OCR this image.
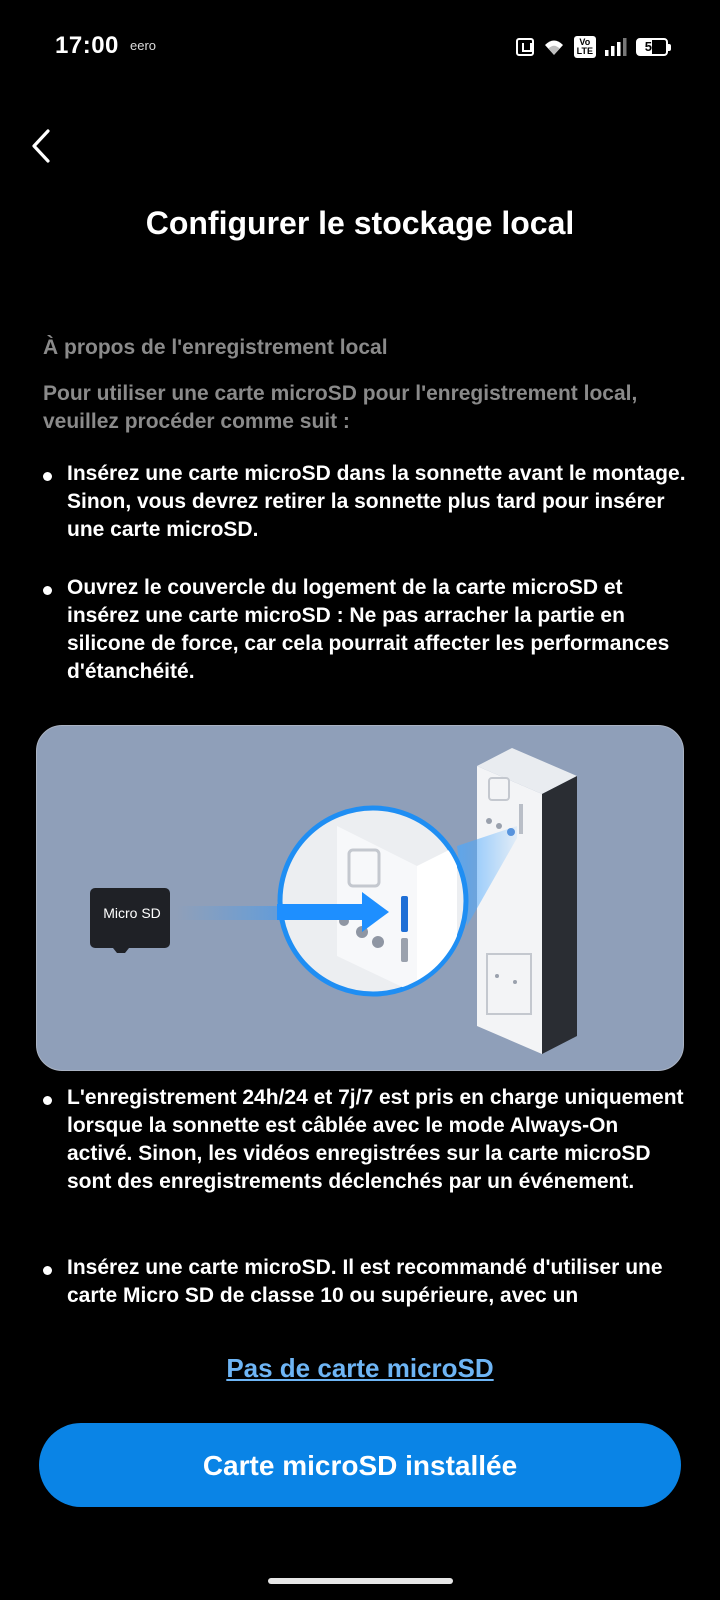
17:00 eero	Vo
LTE	50
Configurer le stockage local
À propos de l'enregistrement local
Pour utiliser une carte microSD pour l'enregistrement local, veuillez procéder comme suit :
Insérez une carte microSD dans la sonnette avant le montage. Sinon, vous devrez retirer la sonnette plus tard pour insérer une carte microSD.
Ouvrez le couvercle du logement de la carte microSD et insérez une carte microSD : Ne pas arracher la partie en silicone de force, car cela pourrait affecter les performances d'étanchéité.
Micro SD
L'enregistrement 24h/24 et 7j/7 est pris en charge uniquement lorsque la sonnette est câblée avec le mode Always-On activé. Sinon, les vidéos enregistrées sur la carte microSD sont des enregistrements déclenchés par un événement.
Insérez une carte microSD. Il est recommandé d'utiliser une carte Micro SD de classe 10 ou supérieure, avec un
Pas de carte microSD
Carte microSD installée
